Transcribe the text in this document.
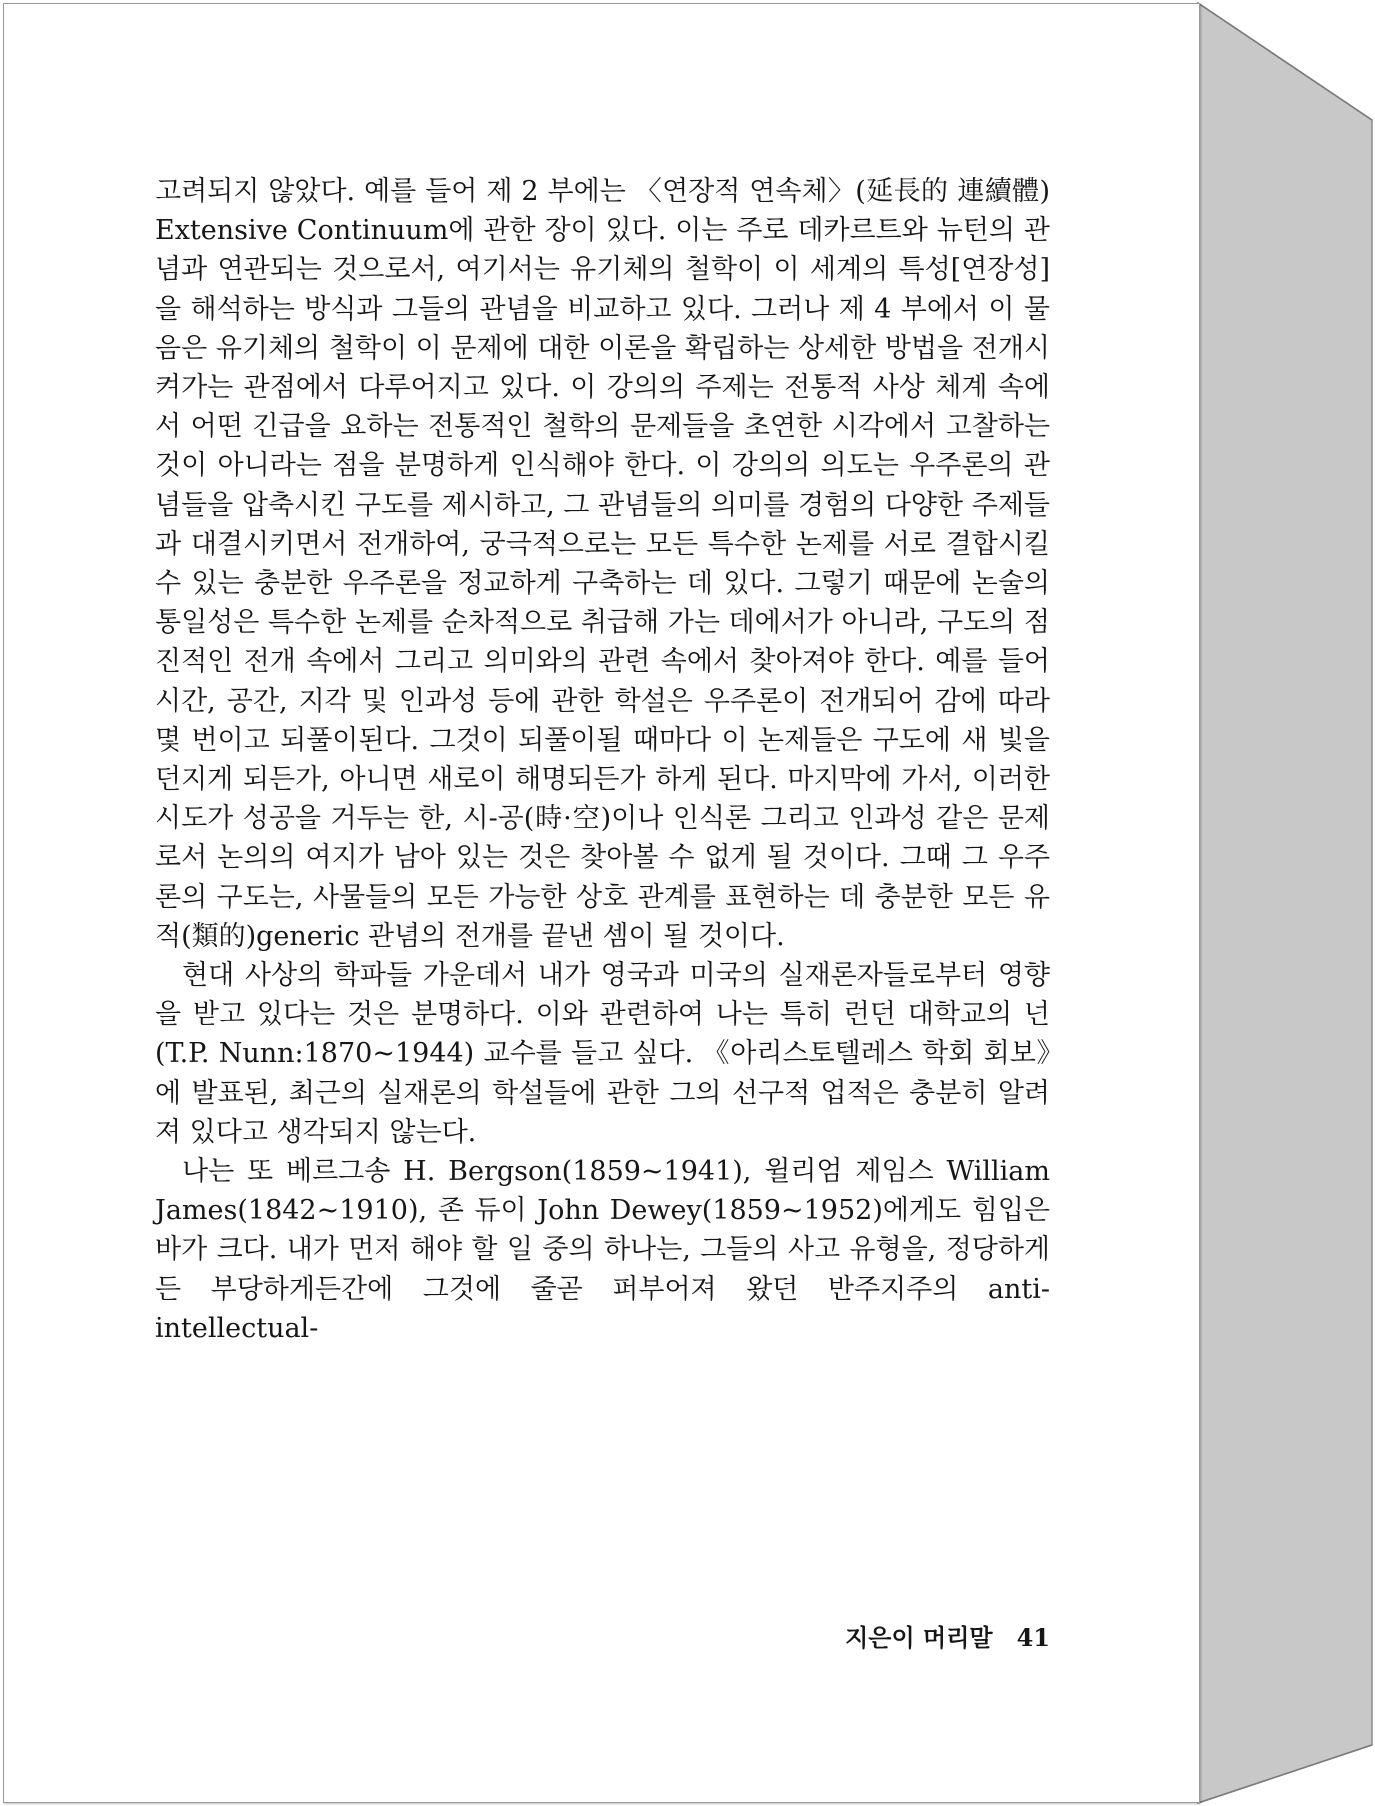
고려되지 않았다. 예를 들어 제 2 부에는 〈연장적 연속체〉(延長的 連續體) Extensive Continuum에 관한 장이 있다. 이는 주로 데카르트와 뉴턴의 관념과 연관되는 것으로서, 여기서는 유기체의 철학이 이 세계의 특성[연장성]을 해석하는 방식과 그들의 관념을 비교하고 있다. 그러나 제 4 부에서 이 물음은 유기체의 철학이 이 문제에 대한 이론을 확립하는 상세한 방법을 전개시켜가는 관점에서 다루어지고 있다. 이 강의의 주제는 전통적 사상 체계 속에서 어떤 긴급을 요하는 전통적인 철학의 문제들을 초연한 시각에서 고찰하는 것이 아니라는 점을 분명하게 인식해야 한다. 이 강의의 의도는 우주론의 관념들을 압축시킨 구도를 제시하고, 그 관념들의 의미를 경험의 다양한 주제들과 대결시키면서 전개하여, 궁극적으로는 모든 특수한 논제를 서로 결합시킬 수 있는 충분한 우주론을 정교하게 구축하는 데 있다. 그렇기 때문에 논술의 통일성은 특수한 논제를 순차적으로 취급해 가는 데에서가 아니라, 구도의 점진적인 전개 속에서 그리고 의미와의 관련 속에서 찾아져야 한다. 예를 들어 시간, 공간, 지각 및 인과성 등에 관한 학설은 우주론이 전개되어 감에 따라 몇 번이고 되풀이된다. 그것이 되풀이될 때마다 이 논제들은 구도에 새 빛을 던지게 되든가, 아니면 새로이 해명되든가 하게 된다. 마지막에 가서, 이러한 시도가 성공을 거두는 한, 시-공(時·空)이나 인식론 그리고 인과성 같은 문제로서 논의의 여지가 남아 있는 것은 찾아볼 수 없게 될 것이다. 그때 그 우주론의 구도는, 사물들의 모든 가능한 상호 관계를 표현하는 데 충분한 모든 유적(類的)generic 관념의 전개를 끝낸 셈이 될 것이다.

현대 사상의 학파들 가운데서 내가 영국과 미국의 실재론자들로부터 영향을 받고 있다는 것은 분명하다. 이와 관련하여 나는 특히 런던 대학교의 넌(T.P. Nunn:1870~1944) 교수를 들고 싶다. 《아리스토텔레스 학회 회보》에 발표된, 최근의 실재론의 학설들에 관한 그의 선구적 업적은 충분히 알려져 있다고 생각되지 않는다.

나는 또 베르그송 H. Bergson(1859~1941), 윌리엄 제임스 William James(1842~1910), 존 듀이 John Dewey(1859~1952)에게도 힘입은 바가 크다. 내가 먼저 해야 할 일 중의 하나는, 그들의 사고 유형을, 정당하게든 부당하게든간에 그것에 줄곧 퍼부어져 왔던 반주지주의 anti-intellectual-

지은이 머리말 41
